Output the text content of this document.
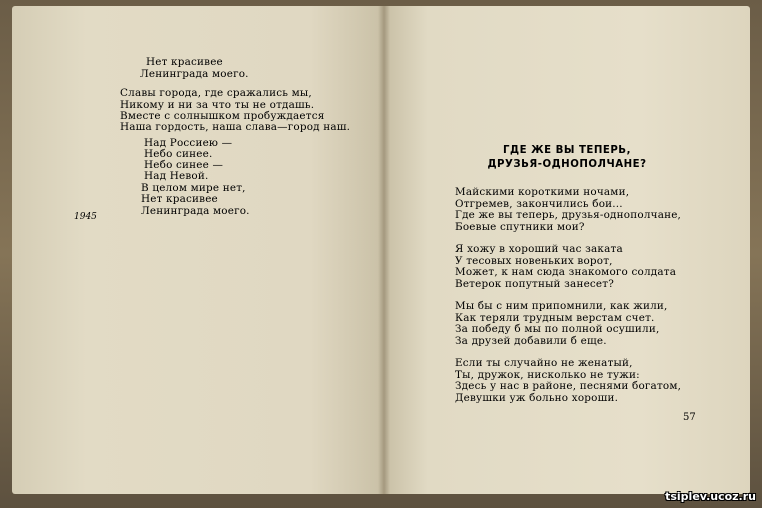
Нет красивее
Ленинграда моего.
Славы города, где сражались мы,
Никому и ни за что ты не отдашь.
Вместе с солнышком пробуждается
Наша гордость, наша слава—город наш.
Над Россиею —
Небо синее.
Небо синее —
Над Невой.
В целом мире нет,
Нет красивее
Ленинграда моего.
1945
ГДЕ ЖЕ ВЫ ТЕПЕРЬ,
ДРУЗЬЯ-ОДНОПОЛЧАНЕ?
Майскими короткими ночами,
Отгремев, закончились бои...
Где же вы теперь, друзья-однополчане,
Боевые спутники мои?
Я хожу в хороший час заката
У тесовых новеньких ворот,
Может, к нам сюда знакомого солдата
Ветерок попутный занесет?
Мы бы с ним припомнили, как жили,
Как теряли трудным верстам счет.
За победу б мы по полной осушили,
За друзей добавили б еще.
Если ты случайно не женатый,
Ты, дружок, нисколько не тужи:
Здесь у нас в районе, песнями богатом,
Девушки уж больно хороши.
57
tsiplev.ucoz.ru
